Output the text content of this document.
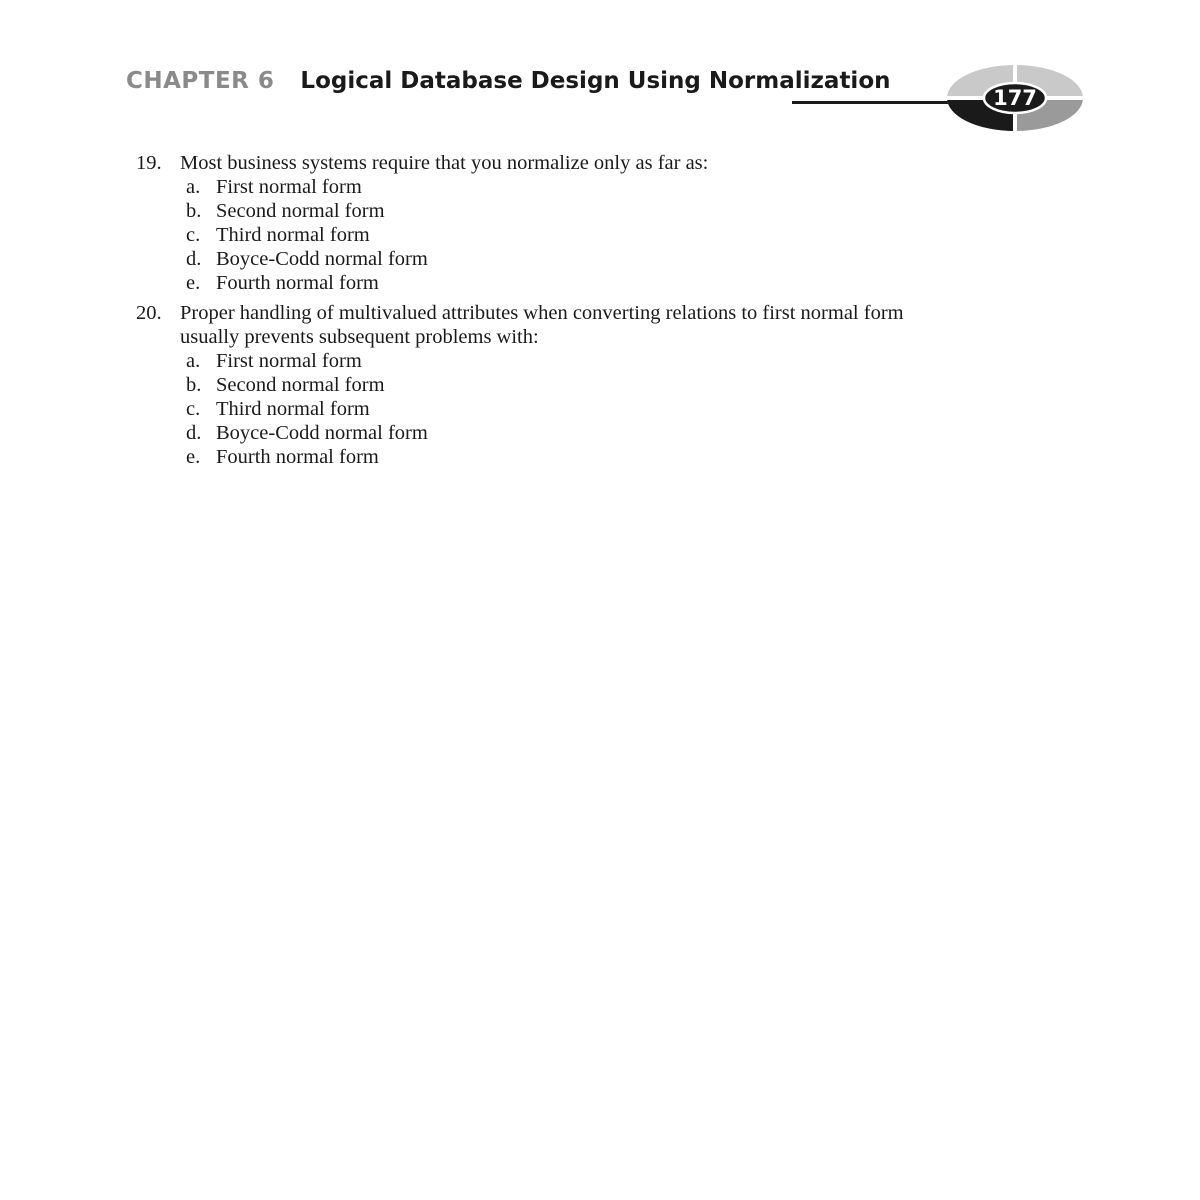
CHAPTER 6 Logical Database Design Using Normalization
177
19. Most business systems require that you normalize only as far as:
a. First normal form
b. Second normal form
c. Third normal form
d. Boyce-Codd normal form
e. Fourth normal form
20. Proper handling of multivalued attributes when converting relations to first normal form usually prevents subsequent problems with:
a. First normal form
b. Second normal form
c. Third normal form
d. Boyce-Codd normal form
e. Fourth normal form
